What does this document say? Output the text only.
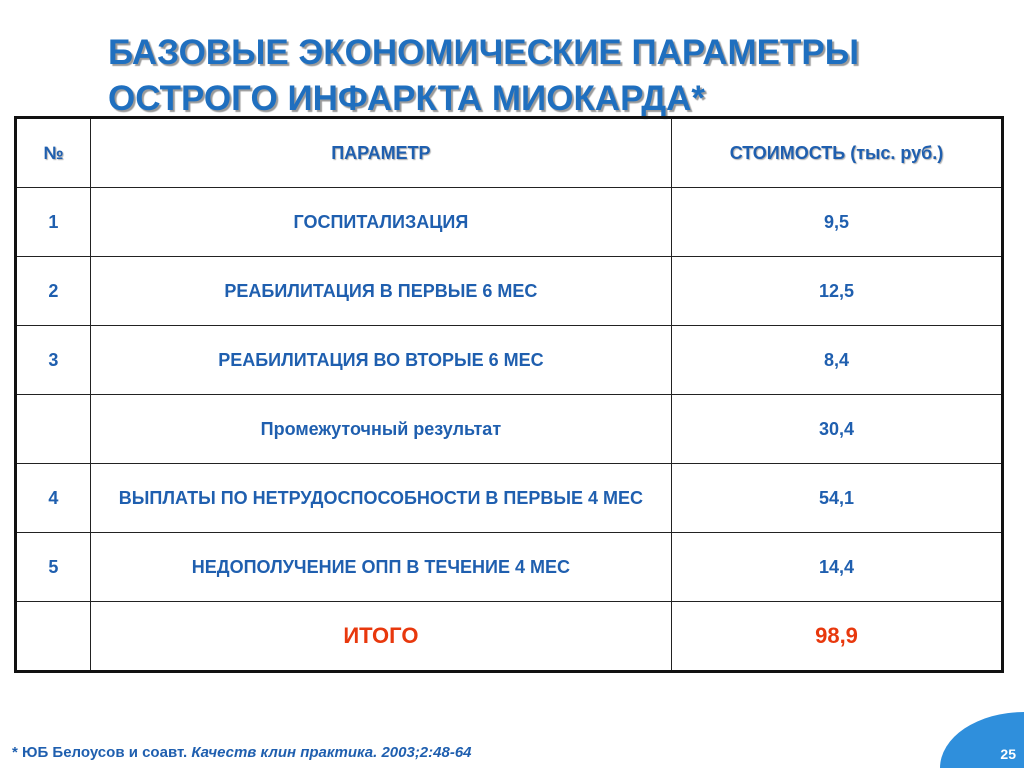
БАЗОВЫЕ ЭКОНОМИЧЕСКИЕ ПАРАМЕТРЫ
ОСТРОГО ИНФАРКТА МИОКАРДА*
№	ПАРАМЕТР	СТОИМОСТЬ (тыс. руб.)
1	ГОСПИТАЛИЗАЦИЯ	9,5
2	РЕАБИЛИТАЦИЯ В ПЕРВЫЕ 6 МЕС	12,5
3	РЕАБИЛИТАЦИЯ ВО ВТОРЫЕ 6 МЕС	8,4
	Промежуточный результат	30,4
4	ВЫПЛАТЫ ПО НЕТРУДОСПОСОБНОСТИ В ПЕРВЫЕ 4 МЕС	54,1
5	НЕДОПОЛУЧЕНИЕ ОПП В ТЕЧЕНИЕ 4 МЕС	14,4
	ИТОГО	98,9
* ЮБ Белоусов и соавт. Качеств клин практика. 2003;2:48-64	25
